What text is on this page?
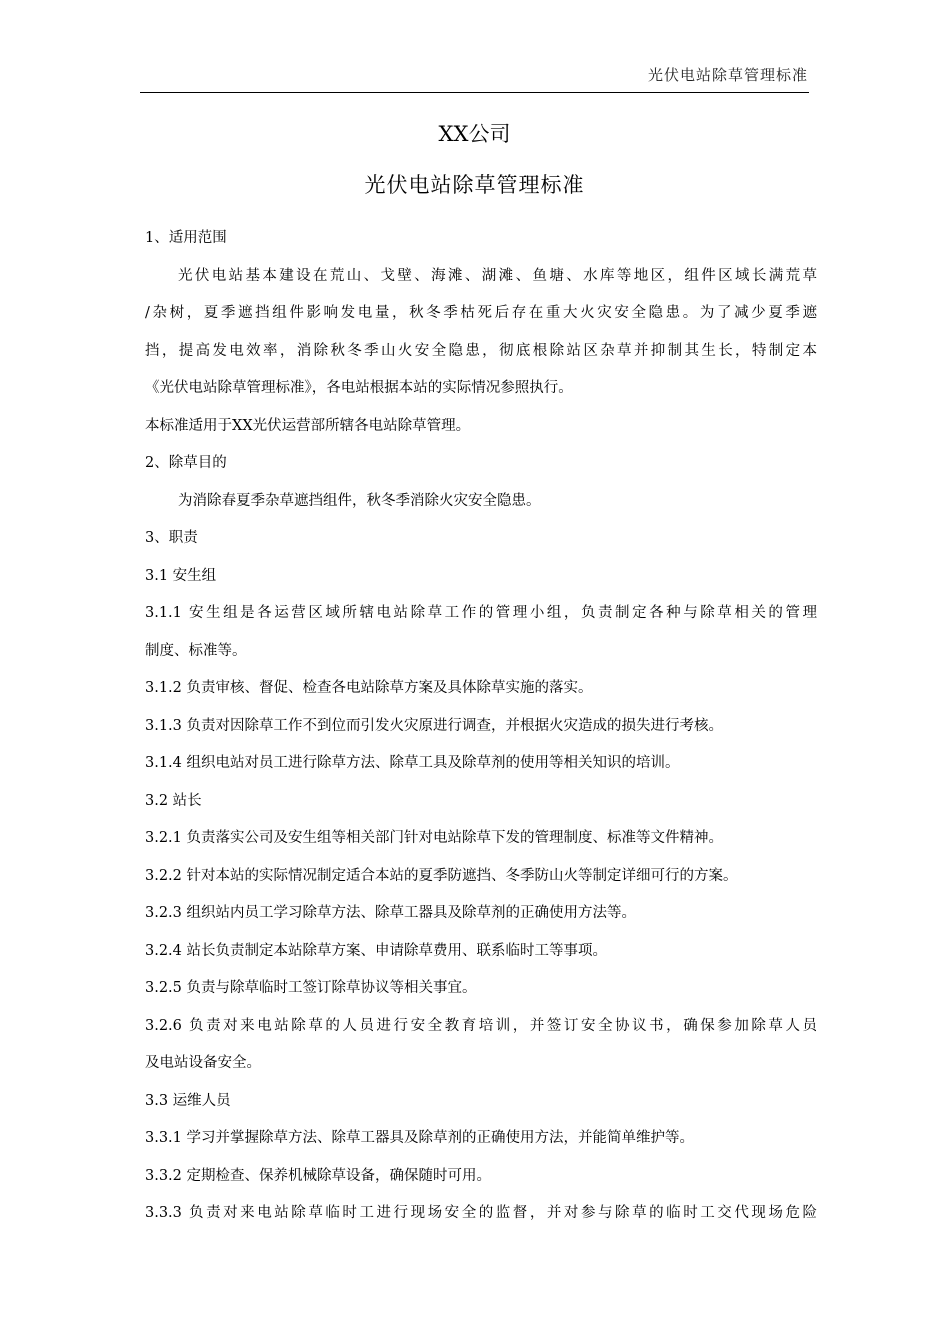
光伏电站除草管理标准
XX公司
光伏电站除草管理标准
1、适用范围
光伏电站基本建设在荒山、戈壁、海滩、湖滩、鱼塘、水库等地区，组件区域长满荒草
/杂树，夏季遮挡组件影响发电量，秋冬季枯死后存在重大火灾安全隐患。为了减少夏季遮
挡，提高发电效率，消除秋冬季山火安全隐患，彻底根除站区杂草并抑制其生长，特制定本
《光伏电站除草管理标准》，各电站根据本站的实际情况参照执行。
本标准适用于XX光伏运营部所辖各电站除草管理。
2、除草目的
为消除春夏季杂草遮挡组件，秋冬季消除火灾安全隐患。
3、职责
3.1 安生组
3.1.1 安生组是各运营区域所辖电站除草工作的管理小组，负责制定各种与除草相关的管理
制度、标准等。
3.1.2 负责审核、督促、检查各电站除草方案及具体除草实施的落实。
3.1.3 负责对因除草工作不到位而引发火灾原进行调查，并根据火灾造成的损失进行考核。
3.1.4 组织电站对员工进行除草方法、除草工具及除草剂的使用等相关知识的培训。
3.2 站长
3.2.1 负责落实公司及安生组等相关部门针对电站除草下发的管理制度、标准等文件精神。
3.2.2 针对本站的实际情况制定适合本站的夏季防遮挡、冬季防山火等制定详细可行的方案。
3.2.3 组织站内员工学习除草方法、除草工器具及除草剂的正确使用方法等。
3.2.4 站长负责制定本站除草方案、申请除草费用、联系临时工等事项。
3.2.5 负责与除草临时工签订除草协议等相关事宜。
3.2.6 负责对来电站除草的人员进行安全教育培训，并签订安全协议书，确保参加除草人员
及电站设备安全。
3.3 运维人员
3.3.1 学习并掌握除草方法、除草工器具及除草剂的正确使用方法，并能简单维护等。
3.3.2 定期检查、保养机械除草设备，确保随时可用。
3.3.3 负责对来电站除草临时工进行现场安全的监督，并对参与除草的临时工交代现场危险
